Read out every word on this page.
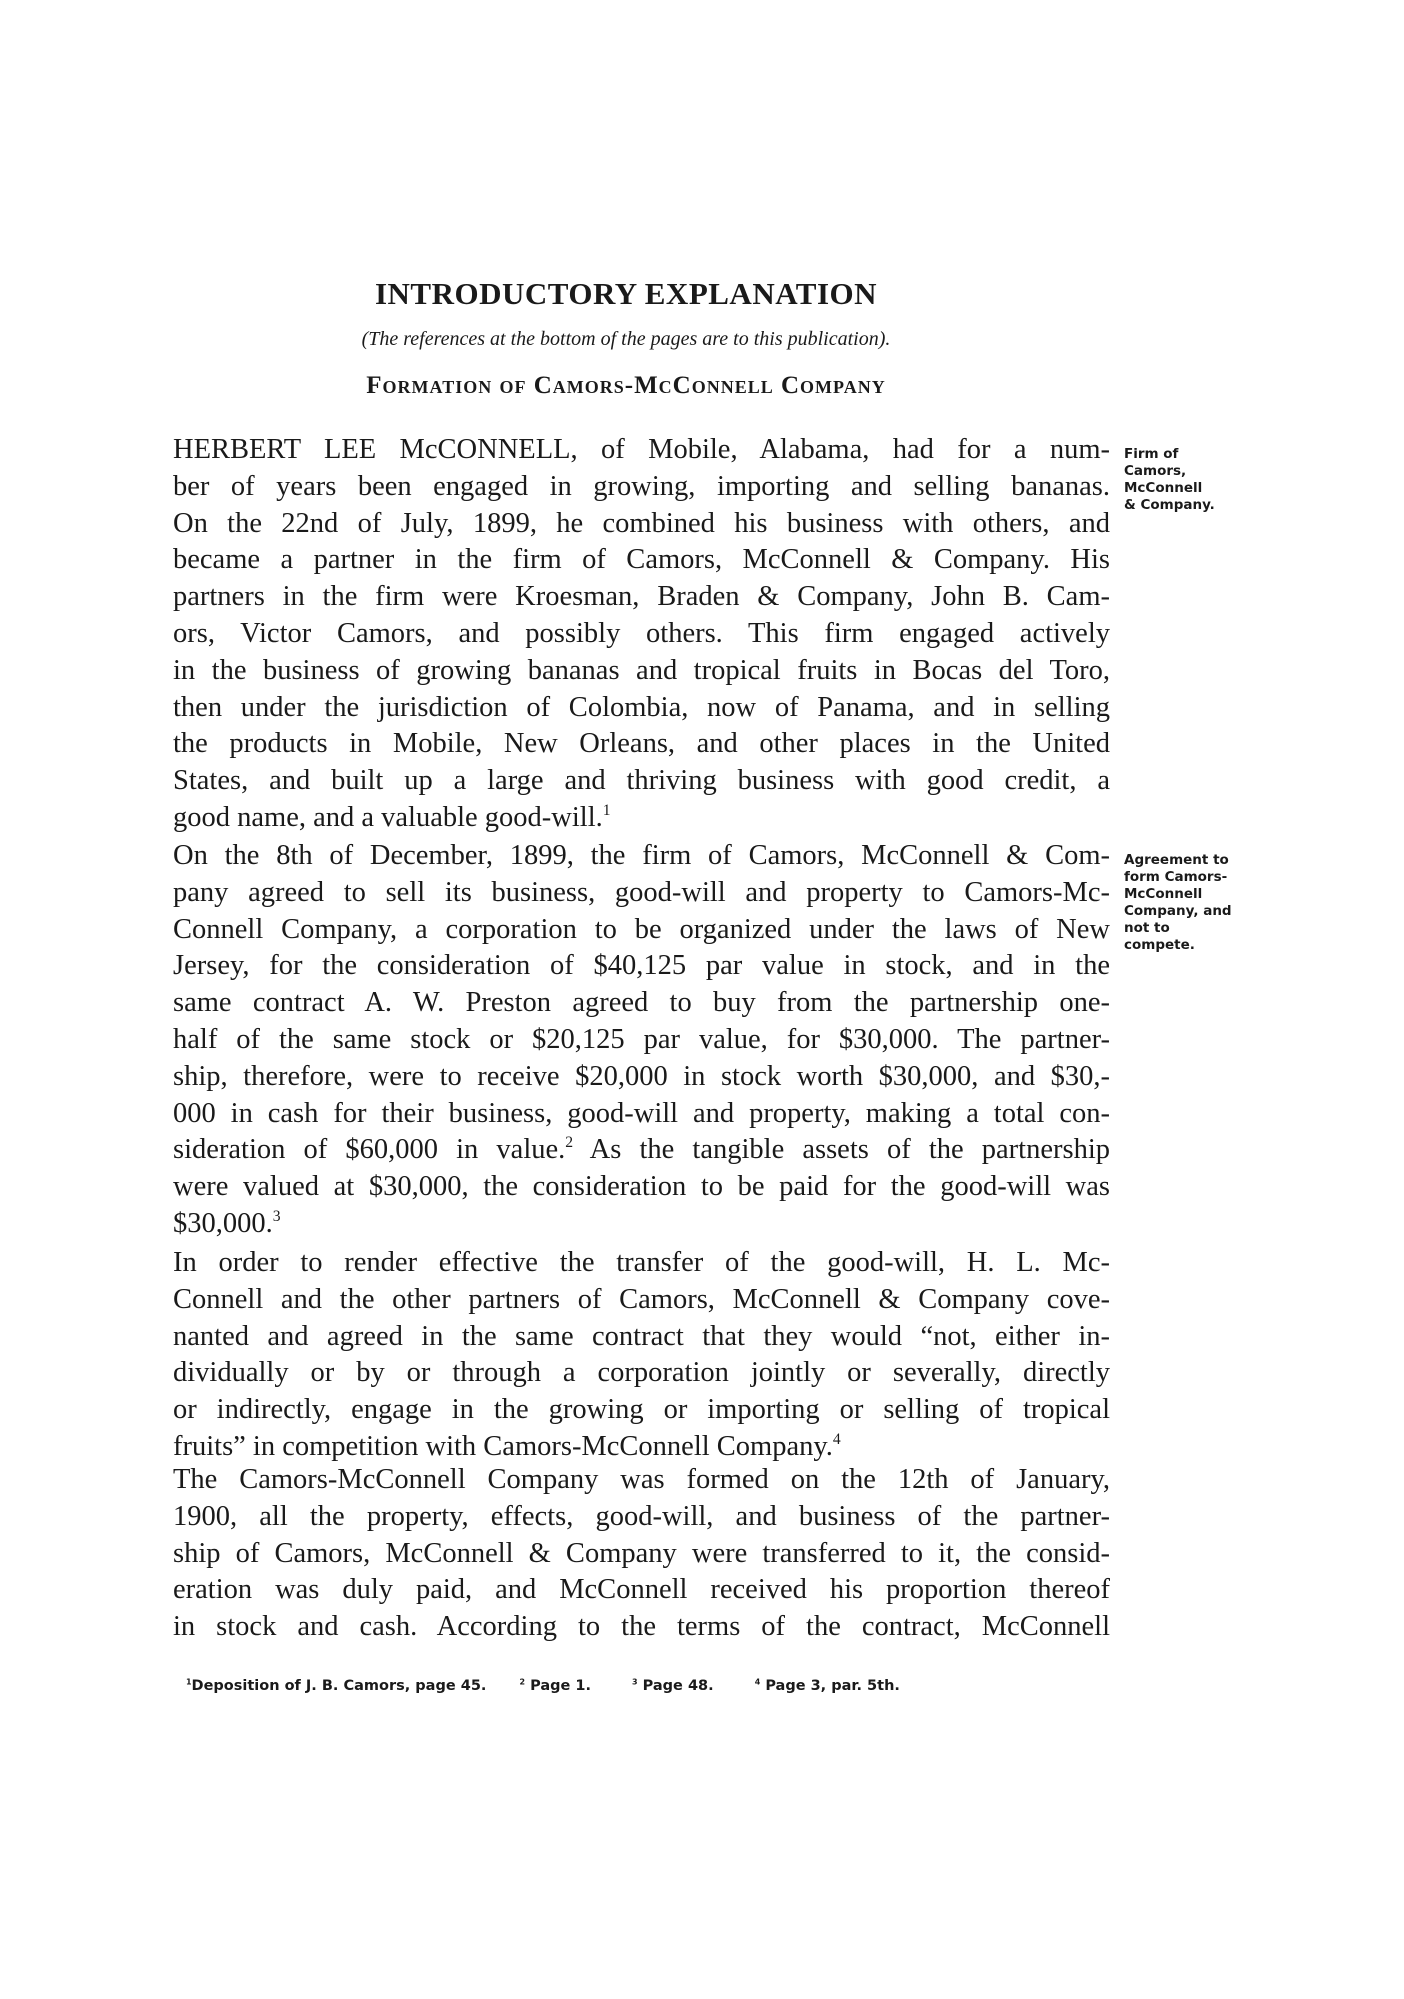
INTRODUCTORY EXPLANATION

(The references at the bottom of the pages are to this publication).

Formation of Camors-McConnell Company

HERBERT LEE McCONNELL, of Mobile, Alabama, had for a num-
ber of years been engaged in growing, importing and selling bananas.
On the 22nd of July, 1899, he combined his business with others, and
became a partner in the firm of Camors, McConnell & Company. His
partners in the firm were Kroesman, Braden & Company, John B. Cam-
ors, Victor Camors, and possibly others. This firm engaged actively
in the business of growing bananas and tropical fruits in Bocas del Toro,
then under the jurisdiction of Colombia, now of Panama, and in selling
the products in Mobile, New Orleans, and other places in the United
States, and built up a large and thriving business with good credit, a
good name, and a valuable good-will.$^1$

Firm of
Camors,
McConnell
& Company.

On the 8th of December, 1899, the firm of Camors, McConnell & Com-
pany agreed to sell its business, good-will and property to Camors-Mc-
Connell Company, a corporation to be organized under the laws of New
Jersey, for the consideration of $40,125 par value in stock, and in the
same contract A. W. Preston agreed to buy from the partnership one-
half of the same stock or $20,125 par value, for $30,000. The partner-
ship, therefore, were to receive $20,000 in stock worth $30,000, and $30,-
000 in cash for their business, good-will and property, making a total con-
sideration of $60,000 in value.$^2$ As the tangible assets of the partnership
were valued at $30,000, the consideration to be paid for the good-will was
$30,000.$^3$

Agreement to
form Camors-
McConnell
Company, and
not to
compete.

In order to render effective the transfer of the good-will, H. L. Mc-
Connell and the other partners of Camors, McConnell & Company cove-
nanted and agreed in the same contract that they would “not, either in-
dividually or by or through a corporation jointly or severally, directly
or indirectly, engage in the growing or importing or selling of tropical
fruits” in competition with Camors-McConnell Company.$^4$

The Camors-McConnell Company was formed on the 12th of January,
1900, all the property, effects, good-will, and business of the partner-
ship of Camors, McConnell & Company were transferred to it, the consid-
eration was duly paid, and McConnell received his proportion thereof
in stock and cash. According to the terms of the contract, McConnell

$^1$Deposition of J. B. Camors, page 45.	$^2$ Page 1.	$^3$ Page 48.	$^4$ Page 3, par. 5th.
